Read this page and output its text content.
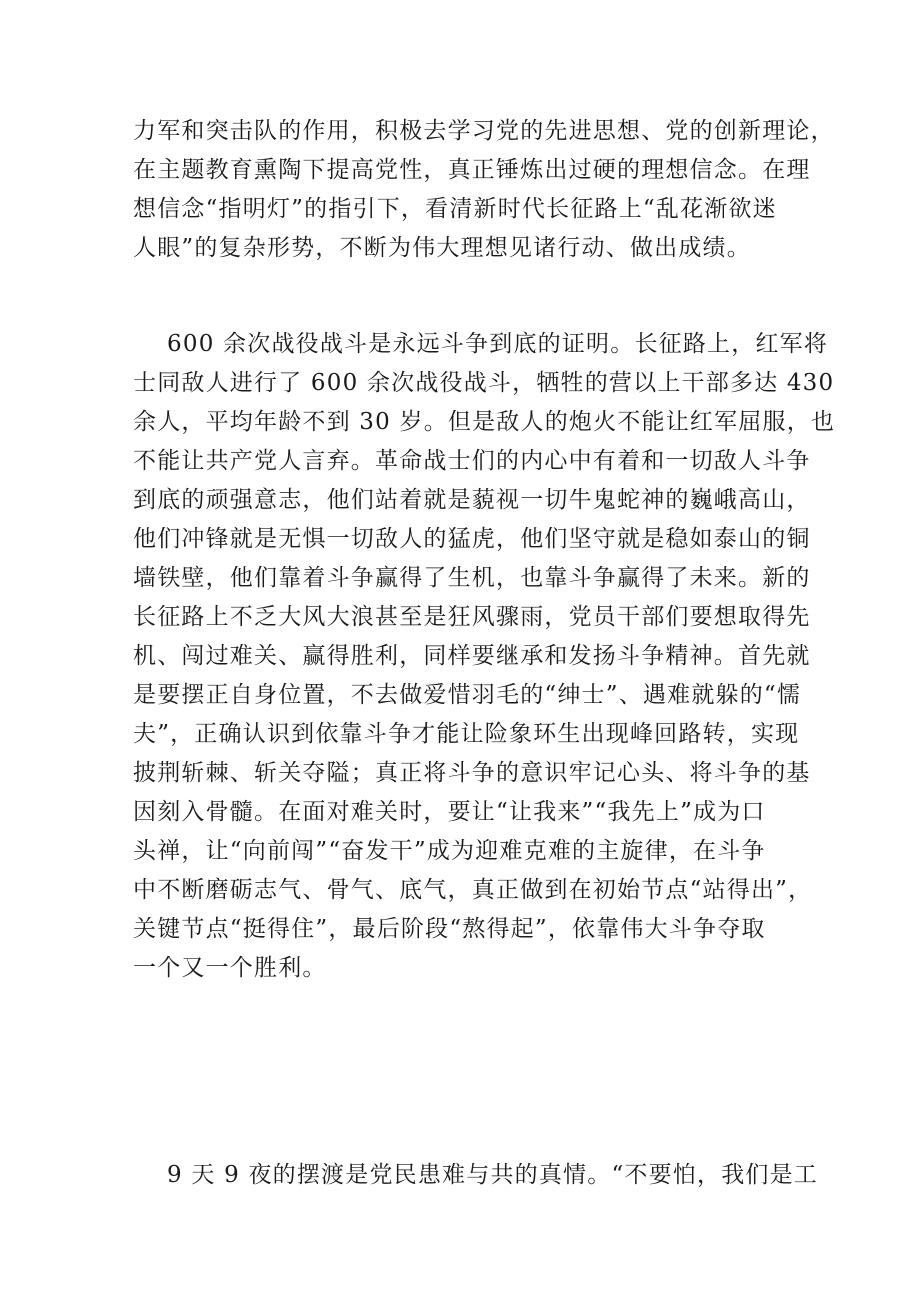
力军和突击队的作用，积极去学习党的先进思想、党的创新理论，
在主题教育熏陶下提高党性，真正锤炼出过硬的理想信念。在理
想信念“指明灯”的指引下，看清新时代长征路上“乱花渐欲迷
人眼”的复杂形势，不断为伟大理想见诸行动、做出成绩。
600 余次战役战斗是永远斗争到底的证明。长征路上，红军将
士同敌人进行了 600 余次战役战斗，牺牲的营以上干部多达 430
余人，平均年龄不到 30 岁。但是敌人的炮火不能让红军屈服，也
不能让共产党人言弃。革命战士们的内心中有着和一切敌人斗争
到底的顽强意志，他们站着就是藐视一切牛鬼蛇神的巍峨高山，
他们冲锋就是无惧一切敌人的猛虎，他们坚守就是稳如泰山的铜
墙铁壁，他们靠着斗争赢得了生机，也靠斗争赢得了未来。新的
长征路上不乏大风大浪甚至是狂风骤雨，党员干部们要想取得先
机、闯过难关、赢得胜利，同样要继承和发扬斗争精神。首先就
是要摆正自身位置，不去做爱惜羽毛的“绅士”、遇难就躲的“懦
夫”，正确认识到依靠斗争才能让险象环生出现峰回路转，实现
披荆斩棘、斩关夺隘；真正将斗争的意识牢记心头、将斗争的基
因刻入骨髓。在面对难关时，要让“让我来”“我先上”成为口
头禅，让“向前闯”“奋发干”成为迎难克难的主旋律，在斗争
中不断磨砺志气、骨气、底气，真正做到在初始节点“站得出”，
关键节点“挺得住”，最后阶段“熬得起”，依靠伟大斗争夺取
一个又一个胜利。
9 天 9 夜的摆渡是党民患难与共的真情。“不要怕，我们是工
